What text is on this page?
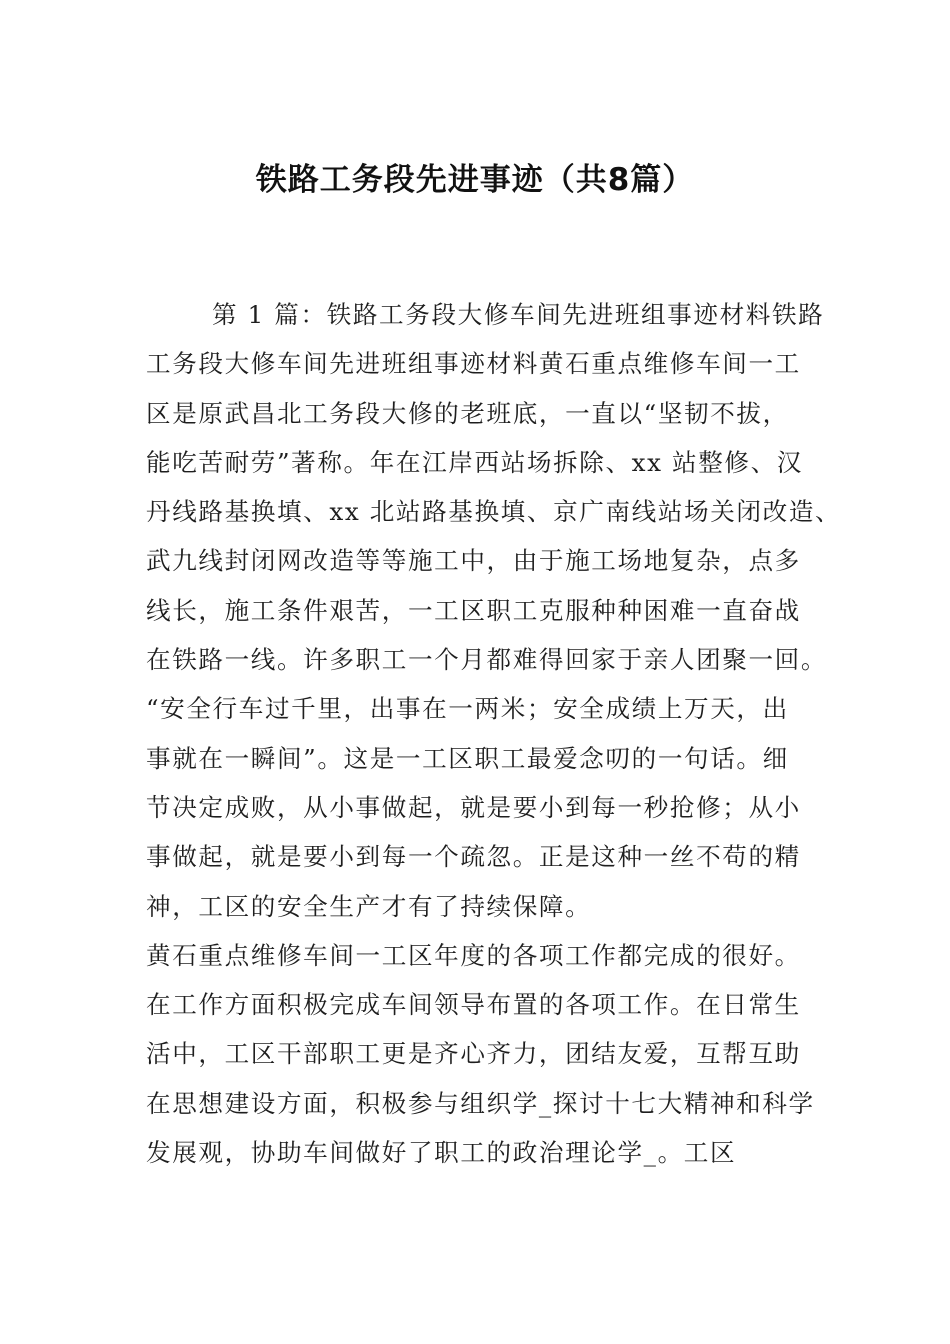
铁路工务段先进事迹（共8篇）
第 1 篇：铁路工务段大修车间先进班组事迹材料铁路
工务段大修车间先进班组事迹材料黄石重点维修车间一工
区是原武昌北工务段大修的老班底，一直以“坚韧不拔，
能吃苦耐劳”著称。年在江岸西站场拆除、xx 站整修、汉
丹线路基换填、xx 北站路基换填、京广南线站场关闭改造、
武九线封闭网改造等等施工中，由于施工场地复杂，点多
线长，施工条件艰苦，一工区职工克服种种困难一直奋战
在铁路一线。许多职工一个月都难得回家于亲人团聚一回。
“安全行车过千里，出事在一两米；安全成绩上万天，出
事就在一瞬间”。这是一工区职工最爱念叨的一句话。细
节决定成败，从小事做起，就是要小到每一秒抢修；从小
事做起，就是要小到每一个疏忽。正是这种一丝不苟的精
神，工区的安全生产才有了持续保障。
黄石重点维修车间一工区年度的各项工作都完成的很好。
在工作方面积极完成车间领导布置的各项工作。在日常生
活中，工区干部职工更是齐心齐力，团结友爱，互帮互助
在思想建设方面，积极参与组织学_探讨十七大精神和科学
发展观，协助车间做好了职工的政治理论学_。工区
